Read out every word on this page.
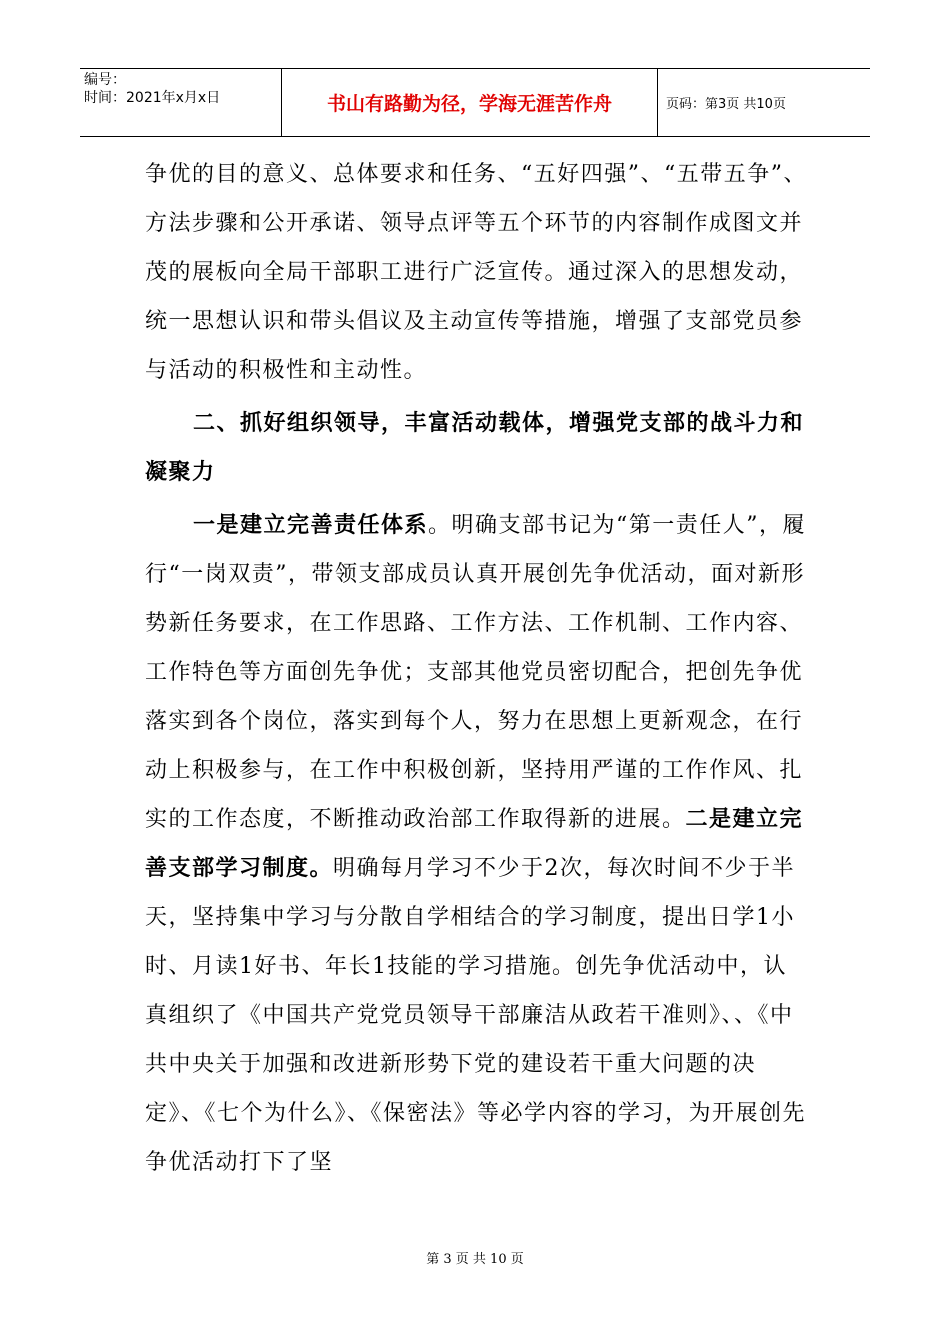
编号：
时间：2021年x月x日	书山有路勤为径，学海无涯苦作舟	页码：第3页 共10页

争优的目的意义、总体要求和任务、“五好四强”、“五带五争”、 方法步骤和公开承诺、领导点评等五个环节的内容制作成图文并茂的展板向全局干部职工进行广泛宣传。通过深入的思想发动，统一思想认识和带头倡议及主动宣传等措施，增强了支部党员参与活动的积极性和主动性。

二、抓好组织领导，丰富活动载体，增强党支部的战斗力和凝聚力

一是建立完善责任体系。明确支部书记为“第一责任人”，履行“一岗双责”，带领支部成员认真开展创先争优活动，面对新形势新任务要求，在工作思路、工作方法、工作机制、工作内容、工作特色等方面创先争优；支部其他党员密切配合，把创先争优落实到各个岗位，落实到每个人，努力在思想上更新观念，在行动上积极参与，在工作中积极创新，坚持用严谨的工作作风、扎实的工作态度，不断推动政治部工作取得新的进展。二是建立完善支部学习制度。明确每月学习不少于2次，每次时间不少于半天，坚持集中学习与分散自学相结合的学习制度，提出日学1小时、月读1好书、年长1技能的学习措施。创先争优活动中，认真组织了《中国共产党党员领导干部廉洁从政若干准则》、、《中共中央关于加强和改进新形势下党的建设若干重大问题的决定》、《七个为什么》、《保密法》等必学内容的学习，为开展创先争优活动打下了坚

第 3 页 共 10 页
